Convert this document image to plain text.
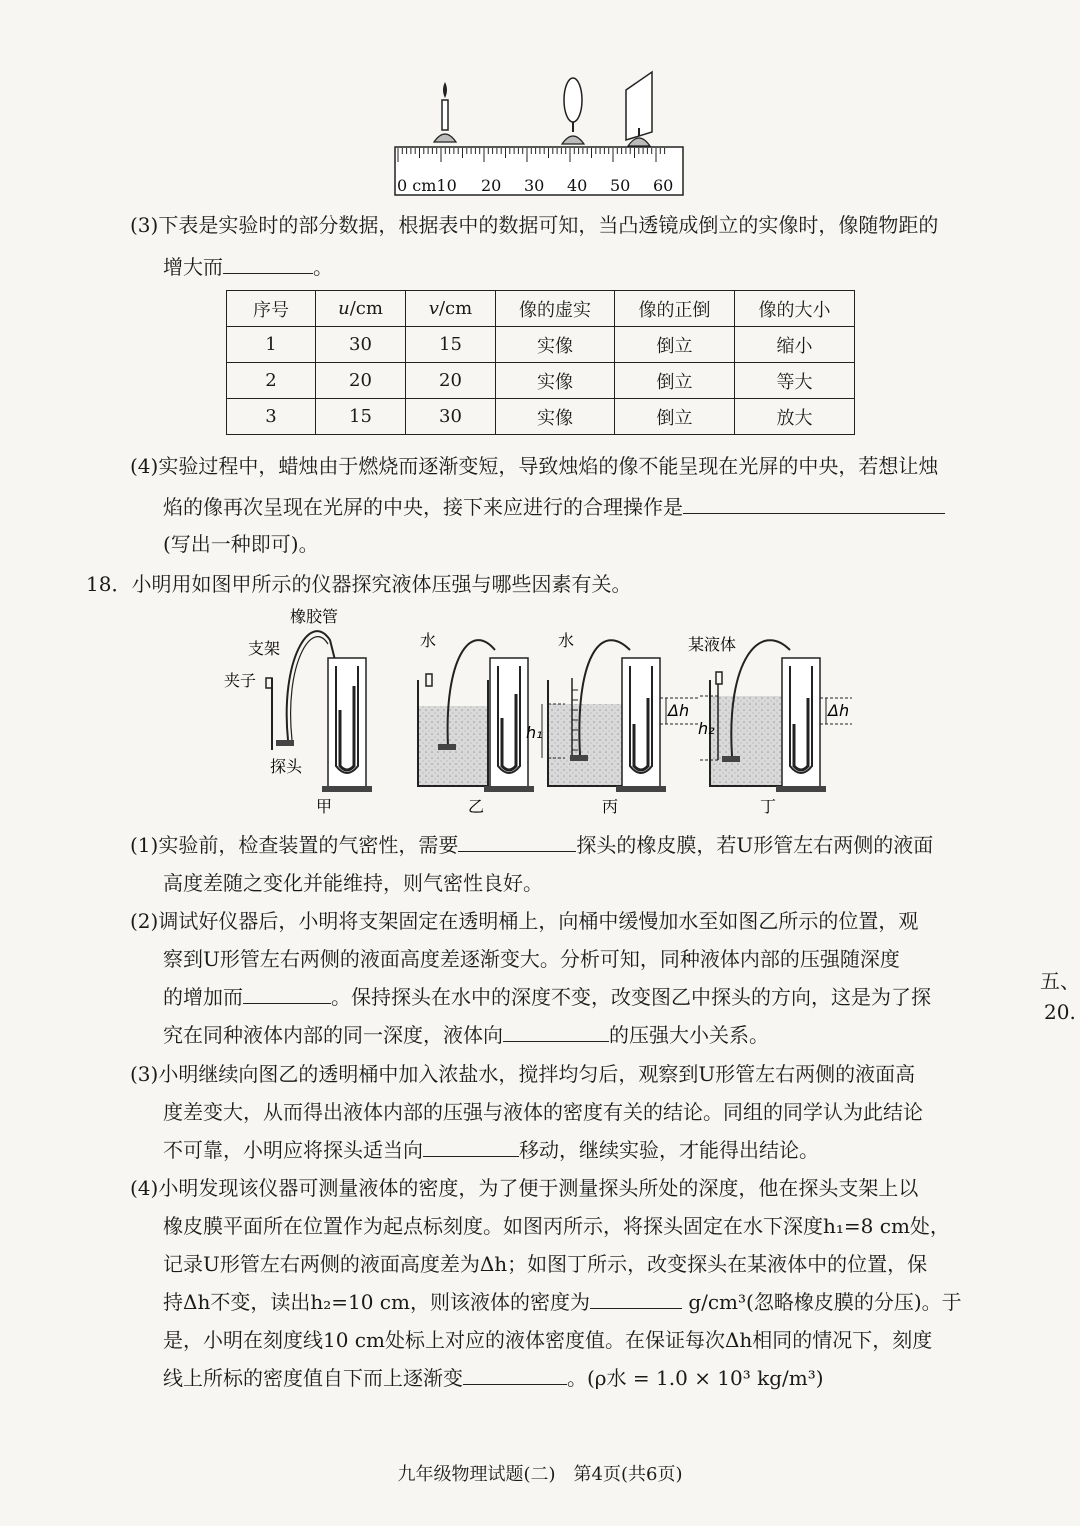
0 cm10 20 30 40 50 60
(3)下表是实验时的部分数据，根据表中的数据可知，当凸透镜成倒立的实像时，像随物距的
增大而	。
序号	u/cm	v/cm	像的虚实	像的正倒	像的大小
1	30	15	实像	倒立	缩小
2	20	20	实像	倒立	等大
3	15	30	实像	倒立	放大
(4)实验过程中，蜡烛由于燃烧而逐渐变短，导致烛焰的像不能呈现在光屏的中央，若想让烛
焰的像再次呈现在光屏的中央，接下来应进行的合理操作是
(写出一种即可)。
18．小明用如图甲所示的仪器探究液体压强与哪些因素有关。
橡胶管
支架
夹子
探头
甲
水
乙
h₁
Δh
水
丙
h₂
Δh
某液体
丁
(1)实验前，检查装置的气密性，需要	探头的橡皮膜，若U形管左右两侧的液面
高度差随之变化并能维持，则气密性良好。
(2)调试好仪器后，小明将支架固定在透明桶上，向桶中缓慢加水至如图乙所示的位置，观
察到U形管左右两侧的液面高度差逐渐变大。分析可知，同种液体内部的压强随深度
的增加而	。保持探头在水中的深度不变，改变图乙中探头的方向，这是为了探
究在同种液体内部的同一深度，液体向	的压强大小关系。
(3)小明继续向图乙的透明桶中加入浓盐水，搅拌均匀后，观察到U形管左右两侧的液面高
度差变大，从而得出液体内部的压强与液体的密度有关的结论。同组的同学认为此结论
不可靠，小明应将探头适当向	移动，继续实验，才能得出结论。
(4)小明发现该仪器可测量液体的密度，为了便于测量探头所处的深度，他在探头支架上以
橡皮膜平面所在位置作为起点标刻度。如图丙所示，将探头固定在水下深度h₁=8 cm处，
记录U形管左右两侧的液面高度差为Δh；如图丁所示，改变探头在某液体中的位置，保
持Δh不变，读出h₂=10 cm，则该液体的密度为	g/cm³(忽略橡皮膜的分压)。于
是，小明在刻度线10 cm处标上对应的液体密度值。在保证每次Δh相同的情况下，刻度
线上所标的密度值自下而上逐渐变	。(ρ水 = 1.0 × 10³ kg/m³)
五、
20.
九年级物理试题(二)　第4页(共6页)
